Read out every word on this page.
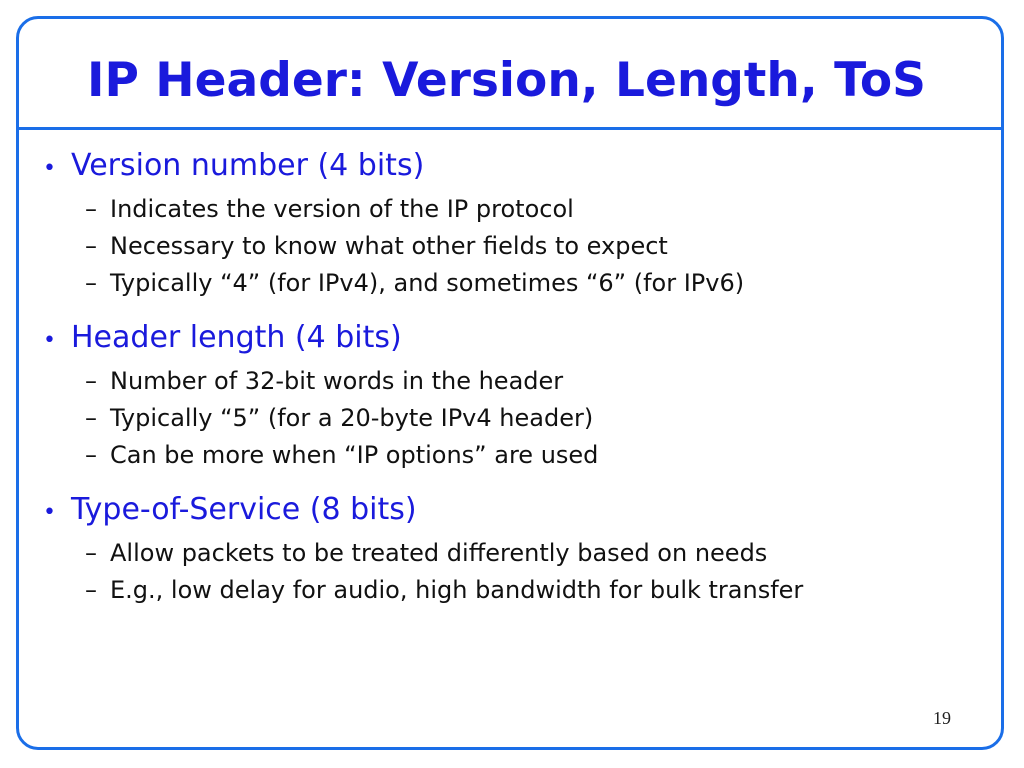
IP Header: Version, Length, ToS
• Version number (4 bits)
– Indicates the version of the IP protocol
– Necessary to know what other fields to expect
– Typically “4” (for IPv4), and sometimes “6” (for IPv6)
• Header length (4 bits)
– Number of 32-bit words in the header
– Typically “5” (for a 20-byte IPv4 header)
– Can be more when “IP options” are used
• Type-of-Service (8 bits)
– Allow packets to be treated differently based on needs
– E.g., low delay for audio, high bandwidth for bulk transfer
19
